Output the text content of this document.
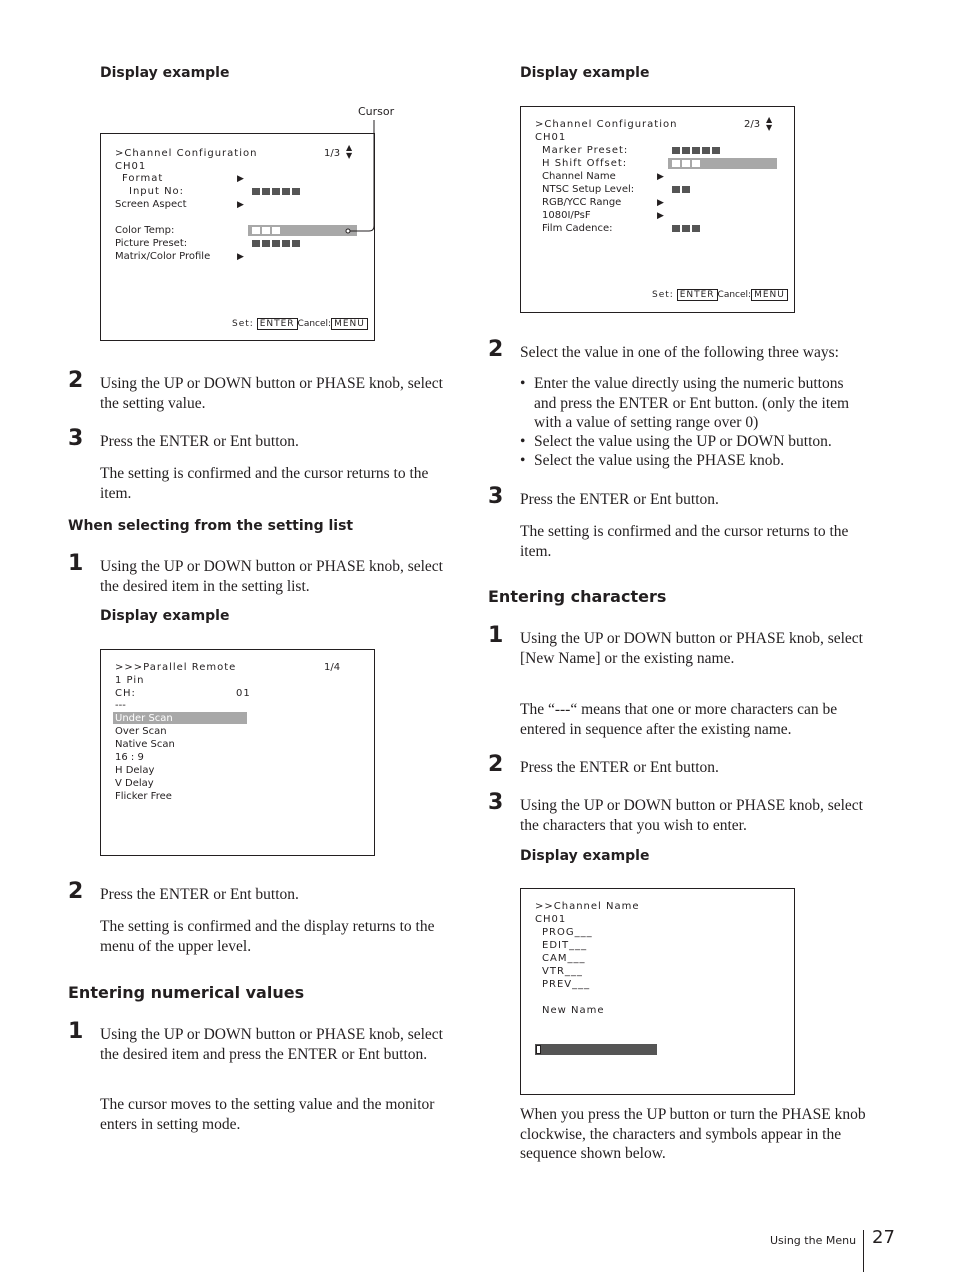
Display example
Cursor
>Channel Configuration	1/3
▲
▼
CH01
Format	▶
Input No:
Screen Aspect	▶
Color Temp:
Picture Preset:
Matrix/Color Profile	▶
Set: ENTER Cancel: MENU
2 Using the UP or DOWN button or PHASE knob, select the setting value.
3 Press the ENTER or Ent button.
The setting is confirmed and the cursor returns to the item.
When selecting from the setting list
1 Using the UP or DOWN button or PHASE knob, select the desired item in the setting list.
Display example
>>>Parallel Remote	1/4
1 Pin
CH:	01
---
Under Scan
Over Scan
Native Scan
16 : 9
H Delay
V Delay
Flicker Free
2 Press the ENTER or Ent button.
The setting is confirmed and the display returns to the menu of the upper level.
Entering numerical values
1 Using the UP or DOWN button or PHASE knob, select the desired item and press the ENTER or Ent button.
The cursor moves to the setting value and the monitor enters in setting mode.
Display example
>Channel Configuration	2/3 ▲
▼
CH01
Marker Preset:
H Shift Offset:
Channel Name	▶
NTSC Setup Level:
RGB/YCC Range	▶
1080I/PsF	▶
Film Cadence:
Set: ENTER Cancel: MENU
2 Select the value in one of the following three ways:
• Enter the value directly using the numeric buttons and press the ENTER or Ent button. (only the item with a value of setting range over 0)
• Select the value using the UP or DOWN button.
• Select the value using the PHASE knob.
3 Press the ENTER or Ent button.
The setting is confirmed and the cursor returns to the item.
Entering characters
1 Using the UP or DOWN button or PHASE knob, select [New Name] or the existing name.
The “---“ means that one or more characters can be entered in sequence after the existing name.
2 Press the ENTER or Ent button.
3 Using the UP or DOWN button or PHASE knob, select the characters that you wish to enter.
Display example
>>Channel Name
CH01
PROG___
EDIT___
CAM___
VTR___
PREV___
New Name
When you press the UP button or turn the PHASE knob clockwise, the characters and symbols appear in the sequence shown below.
Using the Menu 27
